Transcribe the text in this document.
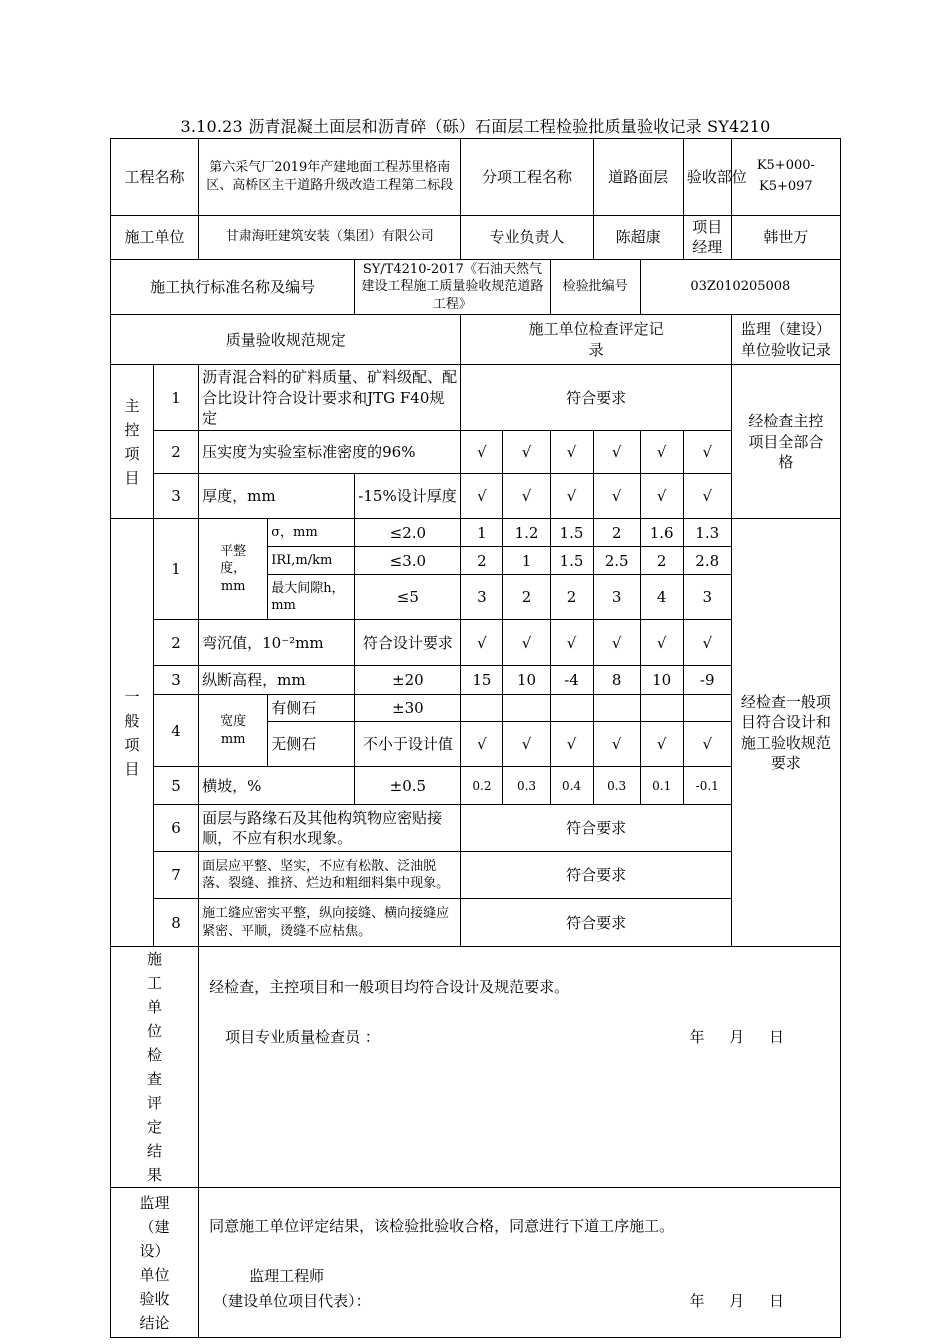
3.10.23 沥青混凝土面层和沥青碎（砾）石面层工程检验批质量验收记录 SY4210
工程名称		第六采气厂2019年产建地面工程苏里格南区、高桥区主干道路升级改造工程第二标段			分项工程名称			道路面层		验收部位	K5+000-K5+097
施工单位		甘肃海旺建筑安装（集团）有限公司			专业负责人			陈超康		项目经理	韩世万
施工执行标准名称及编号				SY/T4210-2017《石油天然气建设工程施工质量验收规范道路工程》			检验批编号		03Z010205008		
质量验收规范规定					施工单位检查评定记录						监理（建设）单位验收记录
主控项目	1	沥青混合料的矿料质量、矿料级配、配合比设计符合设计要求和JTG F40规定			符合要求						经检查主控项目全部合格
	2	压实度为实验室标准密度的96%			√	√	√	√	√	√	
	3	厚度，mm		-15%设计厚度	√	√	√	√	√	√	
一般项目	1	平整度，mm	σ，mm	≤2.0	1	1.2	1.5	2	1.6	1.3	经检查一般项目符合设计和施工验收规范要求
			IRI,m/km	≤3.0	2	1	1.5	2.5	2	2.8	
			最大间隙h，mm	≤5	3	2	2	3	4	3	
	2	弯沉值，10⁻²mm		符合设计要求	√	√	√	√	√	√	
	3	纵断高程，mm		±20	15	10	-4	8	10	-9	
	4	宽度mm	有侧石	±30							
			无侧石	不小于设计值	√	√	√	√	√	√	
	5	横坡，%		±0.5	0.2	0.3	0.4	0.3	0.1	-0.1	
	6	面层与路缘石及其他构筑物应密贴接顺，不应有积水现象。			符合要求						
	7	面层应平整、坚实，不应有松散、泛油脱落、裂缝、推挤、烂边和粗细料集中现象。			符合要求						
	8	施工缝应密实平整，纵向接缝、横向接缝应紧密、平顺，烫缝不应枯焦。			符合要求						

施工单位检查评定结果		经检查，主控项目和一般项目均符合设计及规范要求。
项目专业质量检查员 ： 年 月 日									

监理（建设）单位验收结论		同意施工单位评定结果，该检验批验收合格，同意进行下道工序施工。
监理工程师
（建设单位项目代表）： 年 月 日									
